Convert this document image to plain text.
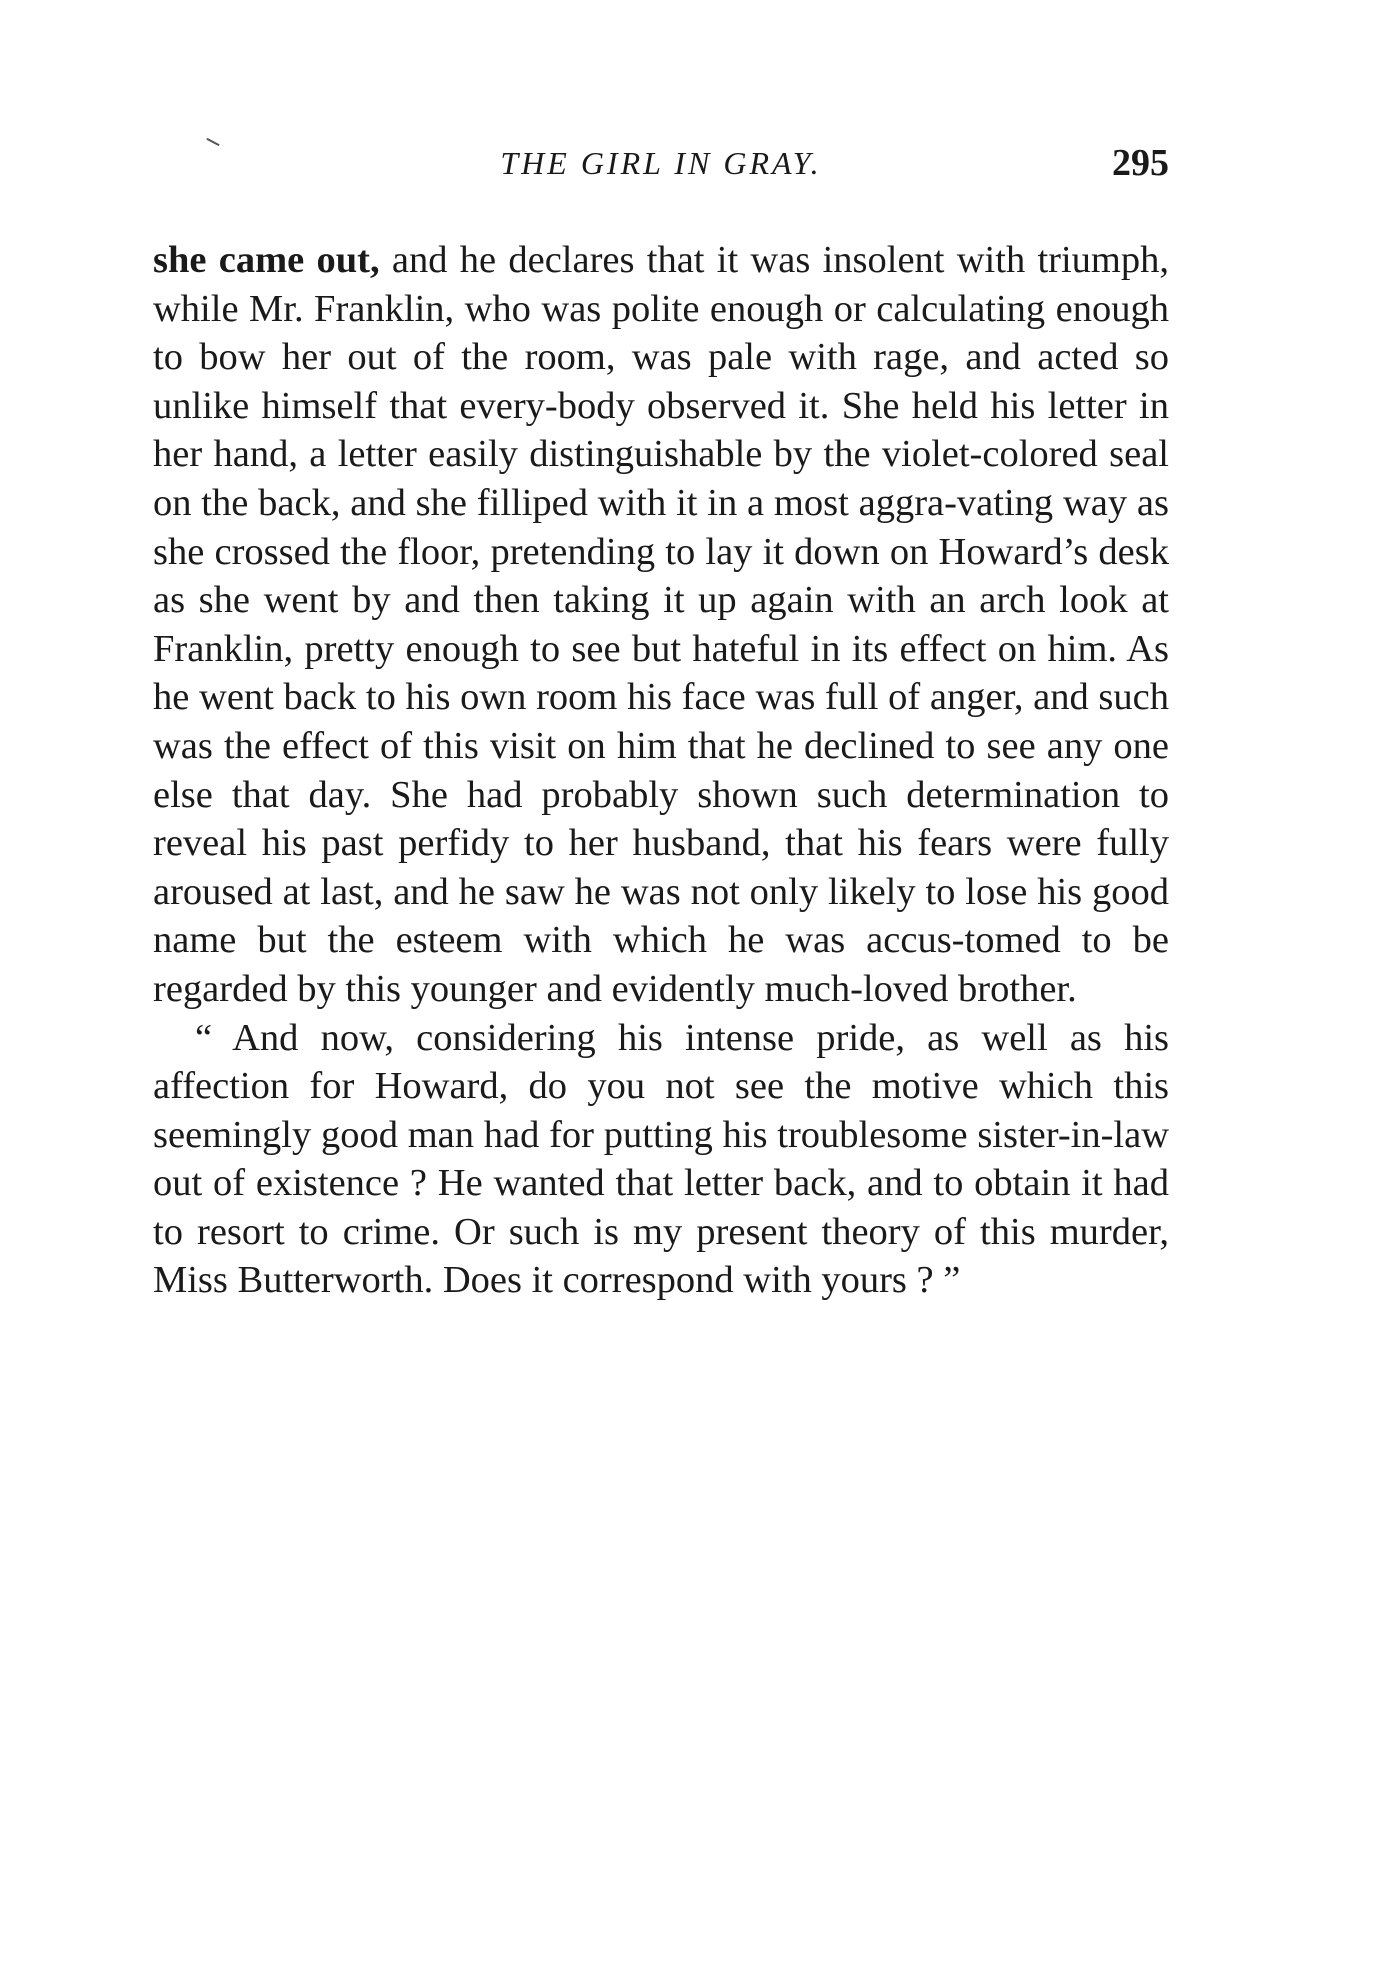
THE GIRL IN GRAY.	295

she came out, and he declares that it was insolent with triumph, while Mr. Franklin, who was polite enough or calculating enough to bow her out of the room, was pale with rage, and acted so unlike himself that every-body observed it. She held his letter in her hand, a letter easily distinguishable by the violet-colored seal on the back, and she filliped with it in a most aggra-vating way as she crossed the floor, pretending to lay it down on Howard’s desk as she went by and then taking it up again with an arch look at Franklin, pretty enough to see but hateful in its effect on him. As he went back to his own room his face was full of anger, and such was the effect of this visit on him that he declined to see any one else that day. She had probably shown such determination to reveal his past perfidy to her husband, that his fears were fully aroused at last, and he saw he was not only likely to lose his good name but the esteem with which he was accus-tomed to be regarded by this younger and evidently much-loved brother.

“ And now, considering his intense pride, as well as his affection for Howard, do you not see the motive which this seemingly good man had for putting his troublesome sister-in-law out of existence ? He wanted that letter back, and to obtain it had to resort to crime. Or such is my present theory of this murder, Miss Butterworth. Does it correspond with yours ? ”
